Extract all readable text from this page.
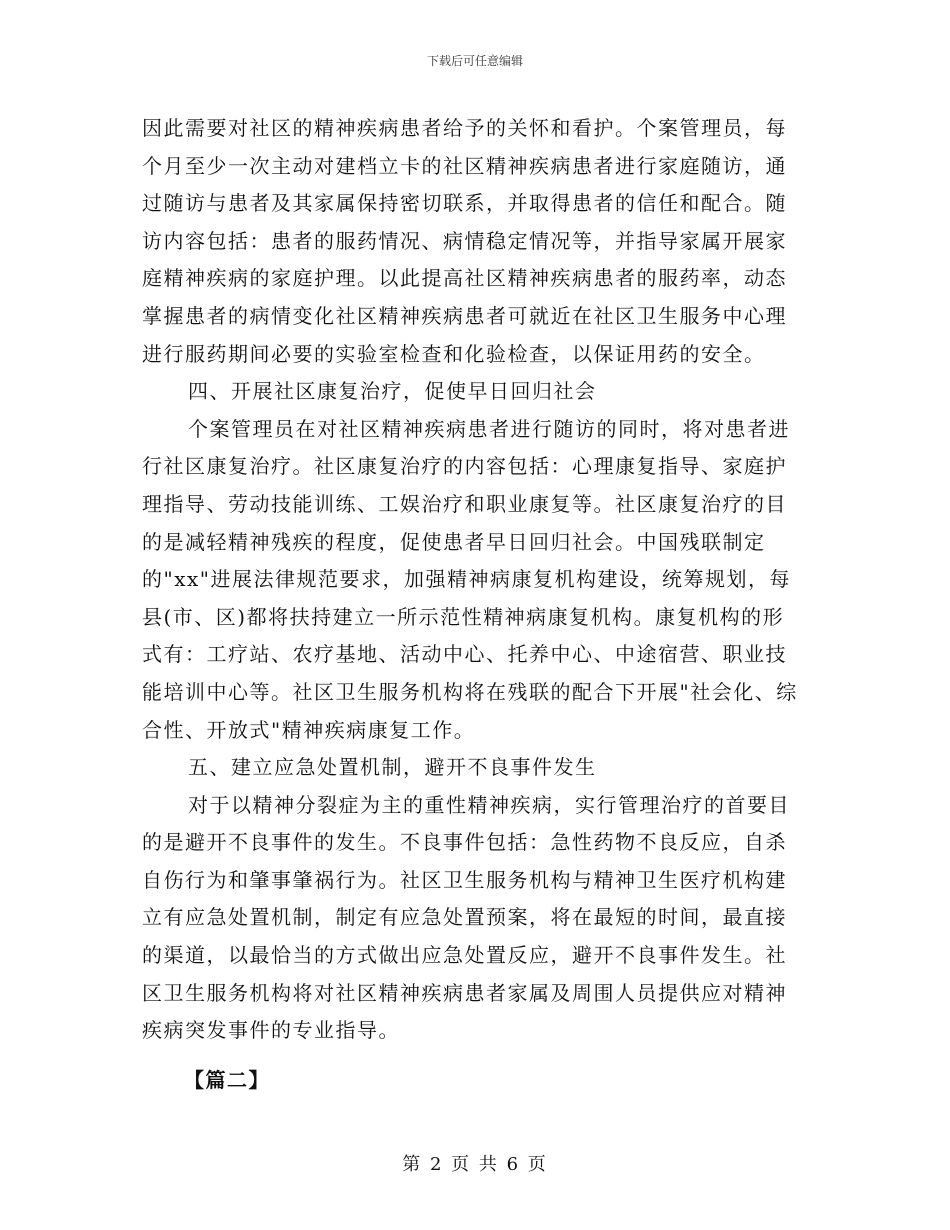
下载后可任意编辑
因此需要对社区的精神疾病患者给予的关怀和看护。个案管理员，每
个月至少一次主动对建档立卡的社区精神疾病患者进行家庭随访，通
过随访与患者及其家属保持密切联系，并取得患者的信任和配合。随
访内容包括：患者的服药情况、病情稳定情况等，并指导家属开展家
庭精神疾病的家庭护理。以此提高社区精神疾病患者的服药率，动态
掌握患者的病情变化社区精神疾病患者可就近在社区卫生服务中心理
进行服药期间必要的实验室检查和化验检查，以保证用药的安全。
四、开展社区康复治疗，促使早日回归社会
个案管理员在对社区精神疾病患者进行随访的同时，将对患者进
行社区康复治疗。社区康复治疗的内容包括：心理康复指导、家庭护
理指导、劳动技能训练、工娱治疗和职业康复等。社区康复治疗的目
的是减轻精神残疾的程度，促使患者早日回归社会。中国残联制定
的"xx"进展法律规范要求，加强精神病康复机构建设，统筹规划，每
县(市、区)都将扶持建立一所示范性精神病康复机构。康复机构的形
式有：工疗站、农疗基地、活动中心、托养中心、中途宿营、职业技
能培训中心等。社区卫生服务机构将在残联的配合下开展"社会化、综
合性、开放式"精神疾病康复工作。
五、建立应急处置机制，避开不良事件发生
对于以精神分裂症为主的重性精神疾病，实行管理治疗的首要目
的是避开不良事件的发生。不良事件包括：急性药物不良反应，自杀
自伤行为和肇事肇祸行为。社区卫生服务机构与精神卫生医疗机构建
立有应急处置机制，制定有应急处置预案，将在最短的时间，最直接
的渠道，以最恰当的方式做出应急处置反应，避开不良事件发生。社
区卫生服务机构将对社区精神疾病患者家属及周围人员提供应对精神
疾病突发事件的专业指导。
【篇二】
第 2 页 共 6 页
